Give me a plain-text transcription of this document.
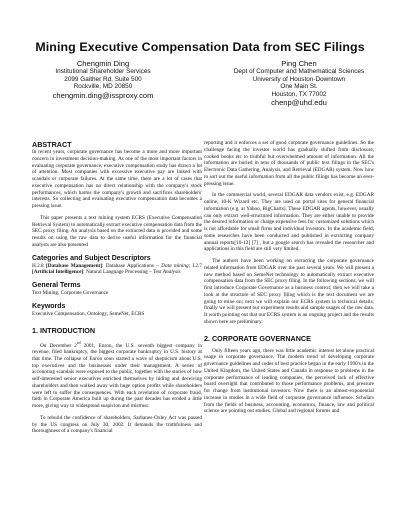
Mining Executive Compensation Data from SEC Filings
Chengmin Ding
Institutional Shareholder Services
2099 Gaither Rd, Suite 500
Rockville, MD 20850
chengmin.ding@issproxy.com
Ping Chen
Dept of Computer and Mathematical Sciences
University of Houston-Downtown
One Main St.
Houston, TX 77002
chenp@uhd.edu
ABSTRACT

In recent years, corporate governance has become a more and more important concern in investment decision-making. As one of the most important factors in evaluating corporate governance, executive compensation study has drawn a lot of attention. Most companies with excessive executive pay are linked with scandals or corporate failures. At the same time, there are a lot of cases that executive compensation has no direct relationship with the company's stock performances, which harms the company's growth and sacrifices shareholders' interests. So collecting and evaluating executive compensation data becomes a pressing issue.

This paper presents a text mining system ECRS (Executive Compensation Retrieval System) to automatically extract executive compensation data from the SEC proxy filing. An analysis based on the extracted data is provided and some results on using the raw data to derive useful information for the financial analysts are also presented

Categories and Subject Descriptors

H.2.8 [Database Management]: Database Applications – Data mining; I.2.7 [Artificial Intelligence]: Natural Language Processing – Text Analysis

General Terms

Text Mining, Corporate Governance

Keywords

Executive Compensation, Ontology, SemeNet, ECRS

1. INTRODUCTION

On December 2nd 2001, Enron, the U.S. seventh biggest company in revenue, filed bankruptcy, the biggest corporate bankruptcy in U.S. history at that time. The collapse of Enron soon started a wave of skepticism about U.S. top executives and the businesses under their management. A series of accounting scandals were exposed to the public, together with the stories of how self-interested senior executives enriched themselves by hiding and deceiving shareholders and then walked away with huge option profits while shareholders were left to suffer the consequences. With each revelation of corporate fraud, faith in Corporate America built up during the past decades has eroded a little more, giving way to widespread suspicion and mistrust.

To rebuild the confidence of shareholders, Sarbanes-Oxley Act was passed by the US congress on July 30, 2002. It demands the truthfulness and thoroughness of a company's financial

reporting and it enforces a set of good corporate governance guidelines. So the challenge facing the investor world has gradually shifted from disclosure, cooked books etc to truthful but overwhelmed amount of information. All the information are buried in tens of thousands of public text filings in the SEC's Electronic Data Gathering, Analysis, and Retrieval (EDGAR) system. Now how to sort out the useful information from all the public filings has become an ever-pressing issue.

In the commercial world, several EDGAR data vendors exist, e.g. EDGAR online, 10-K Wizard etc. They are used on portal sites for general financial information (e.g. at Yahoo, BigCharts). These EDGAR agents, however, usually can only extract well-structured information. They are either unable to provide the desired information or charge expensive fees for customized solutions which is not affordable for small firms and individual investors. In the academic field, some researches have been conducted and published in extracting company annual reports[10-12] [7] , but a google search has revealed the researcher and applications in this field are still very limited.

The authors have been working on extracting the corporate governance related information from EDGAR over the past several years. We will present a new method based on SemeNet technology to automatically extract executive compensation data from the SEC proxy filing. In the following sections, we will first introduce Corporate Governance as a business context; then we will take a look at the structure of SEC proxy filing which is the text document we are going to mine on; next we will explain our ECRS system in technical details; finally we will present our experiment results and sample usages of the raw data. It worth pointing out that our ECRS system is an ongoing project and the results shown here are preliminary.

2. CORPORATE GOVERNANCE

Only fifteen years ago, there was little academic interest let alone practical usage in corporate governance. The modern trend of developing corporate governance guidelines and codes of best practice began in the early 1990's in the United Kingdom, the United States and Canada in response to problems in the corporate performance of leading companies, the perceived lack of effective board oversight that contributed to those performance problems, and pressure for change from institutional investors. Now there is an almost-exponential increase in studies in a wide field of corporate governance influence. Scholars from the fields of business, accounting, economics, finance, law and political science are pointing out studies. Global and regional forums and
